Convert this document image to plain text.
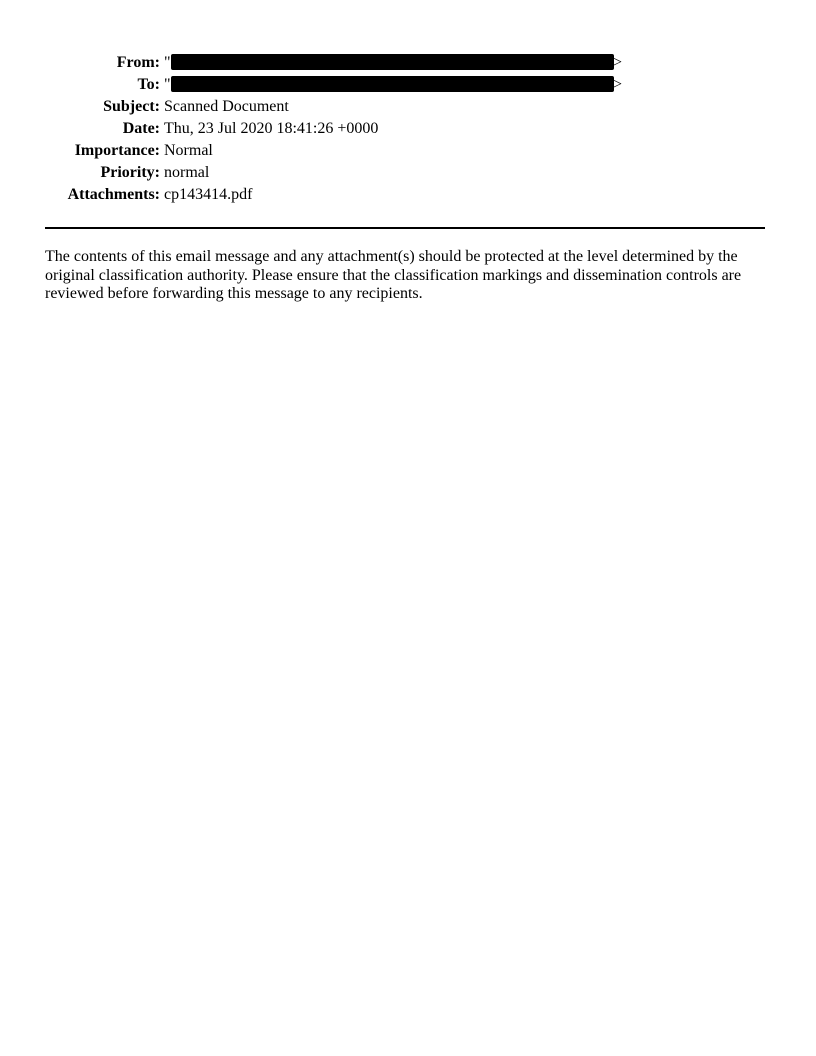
From: "	>
To: "	>
Subject: Scanned Document
Date: Thu, 23 Jul 2020 18:41:26 +0000
Importance: Normal
Priority: normal
Attachments: cp143414.pdf

The contents of this email message and any attachment(s) should be protected at the level determined by the original classification authority. Please ensure that the classification markings and dissemination controls are reviewed before forwarding this message to any recipients.
